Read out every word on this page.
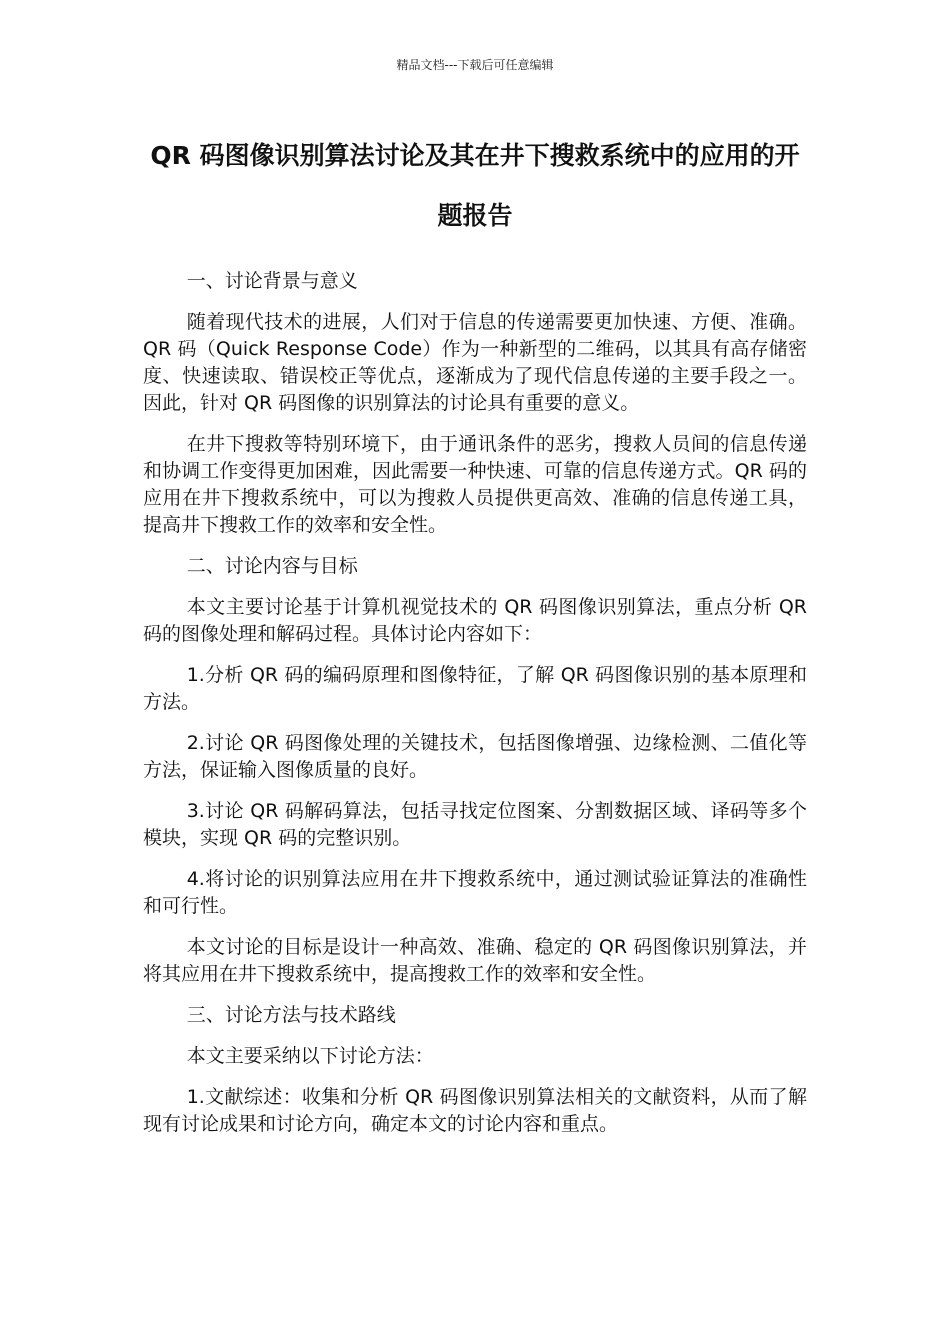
精品文档---下载后可任意编辑
QR 码图像识别算法讨论及其在井下搜救系统中的应用的开题报告

一、讨论背景与意义

随着现代技术的进展，人们对于信息的传递需要更加快速、方便、准确。QR 码（Quick Response Code）作为一种新型的二维码，以其具有高存储密度、快速读取、错误校正等优点，逐渐成为了现代信息传递的主要手段之一。因此，针对 QR 码图像的识别算法的讨论具有重要的意义。

在井下搜救等特别环境下，由于通讯条件的恶劣，搜救人员间的信息传递和协调工作变得更加困难，因此需要一种快速、可靠的信息传递方式。QR 码的应用在井下搜救系统中，可以为搜救人员提供更高效、准确的信息传递工具，提高井下搜救工作的效率和安全性。

二、讨论内容与目标

本文主要讨论基于计算机视觉技术的 QR 码图像识别算法，重点分析 QR 码的图像处理和解码过程。具体讨论内容如下：

1.分析 QR 码的编码原理和图像特征，了解 QR 码图像识别的基本原理和方法。

2.讨论 QR 码图像处理的关键技术，包括图像增强、边缘检测、二值化等方法，保证输入图像质量的良好。

3.讨论 QR 码解码算法，包括寻找定位图案、分割数据区域、译码等多个模块，实现 QR 码的完整识别。

4.将讨论的识别算法应用在井下搜救系统中，通过测试验证算法的准确性和可行性。

本文讨论的目标是设计一种高效、准确、稳定的 QR 码图像识别算法，并将其应用在井下搜救系统中，提高搜救工作的效率和安全性。

三、讨论方法与技术路线

本文主要采纳以下讨论方法：

1.文献综述：收集和分析 QR 码图像识别算法相关的文献资料，从而了解现有讨论成果和讨论方向，确定本文的讨论内容和重点。
